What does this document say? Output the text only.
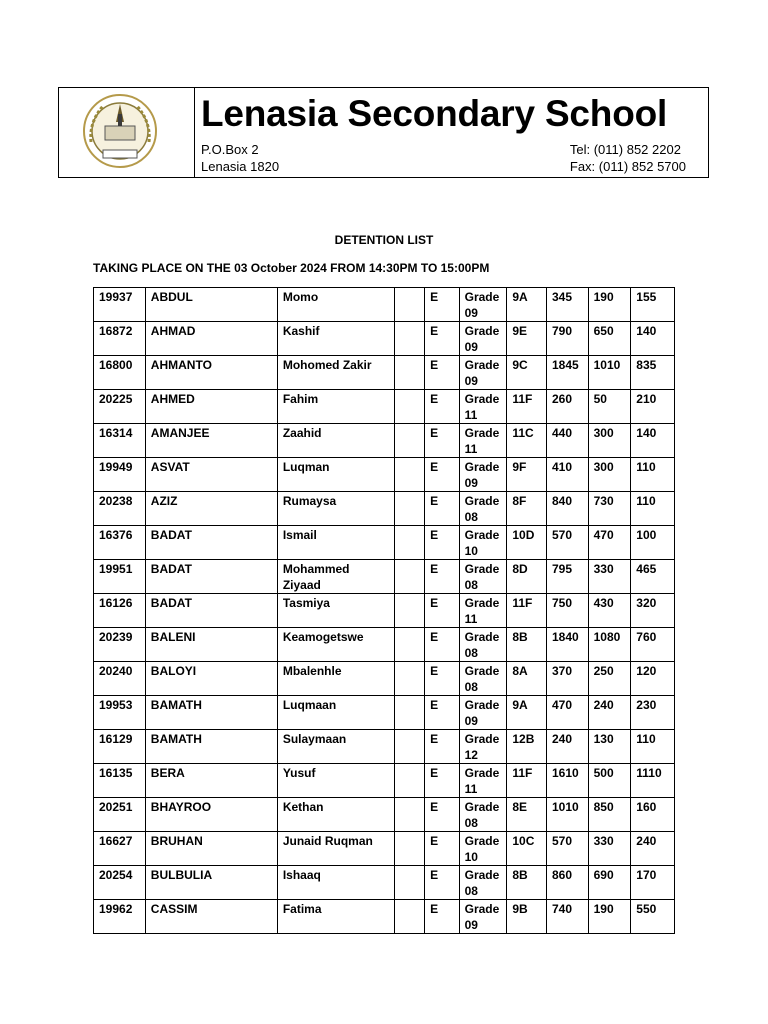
Lenasia Secondary School
P.O.Box 2
Lenasia 1820
Tel: (011) 852 2202
Fax: (011) 852 5700
DETENTION LIST
TAKING PLACE ON THE 03 October 2024 FROM 14:30PM TO 15:00PM
19937	ABDUL	Momo		E	Grade 09	9A	345	190	155
16872	AHMAD	Kashif		E	Grade 09	9E	790	650	140
16800	AHMANTO	Mohomed Zakir		E	Grade 09	9C	1845	1010	835
20225	AHMED	Fahim		E	Grade 11	11F	260	50	210
16314	AMANJEE	Zaahid		E	Grade 11	11C	440	300	140
19949	ASVAT	Luqman		E	Grade 09	9F	410	300	110
20238	AZIZ	Rumaysa		E	Grade 08	8F	840	730	110
16376	BADAT	Ismail		E	Grade 10	10D	570	470	100
19951	BADAT	Mohammed Ziyaad		E	Grade 08	8D	795	330	465
16126	BADAT	Tasmiya		E	Grade 11	11F	750	430	320
20239	BALENI	Keamogetswe		E	Grade 08	8B	1840	1080	760
20240	BALOYI	Mbalenhle		E	Grade 08	8A	370	250	120
19953	BAMATH	Luqmaan		E	Grade 09	9A	470	240	230
16129	BAMATH	Sulaymaan		E	Grade 12	12B	240	130	110
16135	BERA	Yusuf		E	Grade 11	11F	1610	500	1110
20251	BHAYROO	Kethan		E	Grade 08	8E	1010	850	160
16627	BRUHAN	Junaid Ruqman		E	Grade 10	10C	570	330	240
20254	BULBULIA	Ishaaq		E	Grade 08	8B	860	690	170
19962	CASSIM	Fatima		E	Grade 09	9B	740	190	550
